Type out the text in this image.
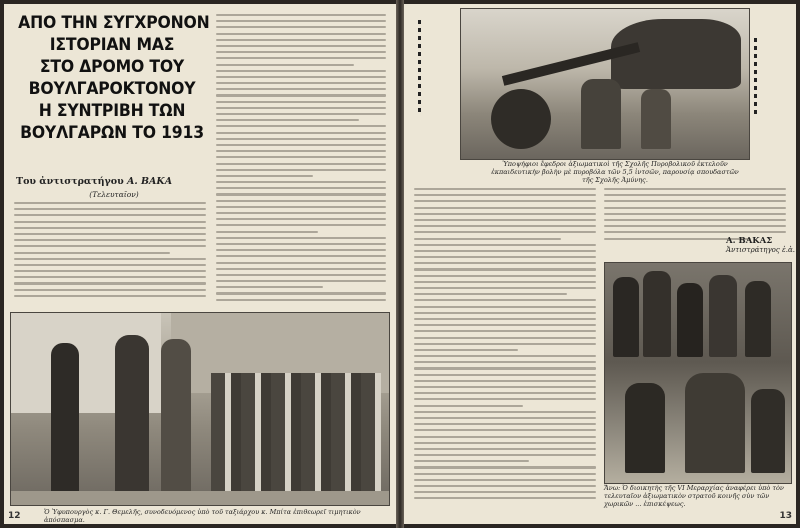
ΑΠΟ ΤΗΝ ΣΥΓΧΡΟΝΟΝ
ΙΣΤΟΡΙΑΝ ΜΑΣ
ΣΤΟ ΔΡΟΜΟ ΤΟΥ
ΒΟΥΛΓΑΡΟΚΤΟΝΟΥ
Η ΣΥΝΤΡΙΒΗ ΤΩΝ
ΒΟΥΛΓΑΡΩΝ ΤΟ 1913
Του ἀντιστρατήγου Α. ΒΑΚΑ
(Τελευταῖον)
Ὁ Ὑφυπουργὸς κ. Γ. Θεμελῆς, συνοδευόμενος ὑπὸ τοῦ ταξιάρχου κ. Μπίτα ἐπιθεωρεῖ τιμητικὸν ἀπόσπασμα.
12
Ὑποψήφιοι ἔφεδροι ἀξιωματικοὶ τῆς Σχολῆς Πυροβολικοῦ ἐκτελοῦν ἐκπαιδευτικὴν βολὴν μὲ πυροβόλα τῶν 5,5 ἰντσῶν, παρουσίᾳ σπουδαστῶν τῆς Σχολῆς Ἀμύνης.
Α. ΒΑΚΑΣ
Ἀντιστράτηγος ἐ.ἀ.
Ἄνω: Ὁ διοικητὴς τῆς VI Μεραρχίας ἀναφέρει ὑπὸ τὸν τελευταῖον ἀξιωματικὸν στρατοῦ κοινῆς σὺν τῶν χωρικῶν ... ἐπισκέψεως.
13
